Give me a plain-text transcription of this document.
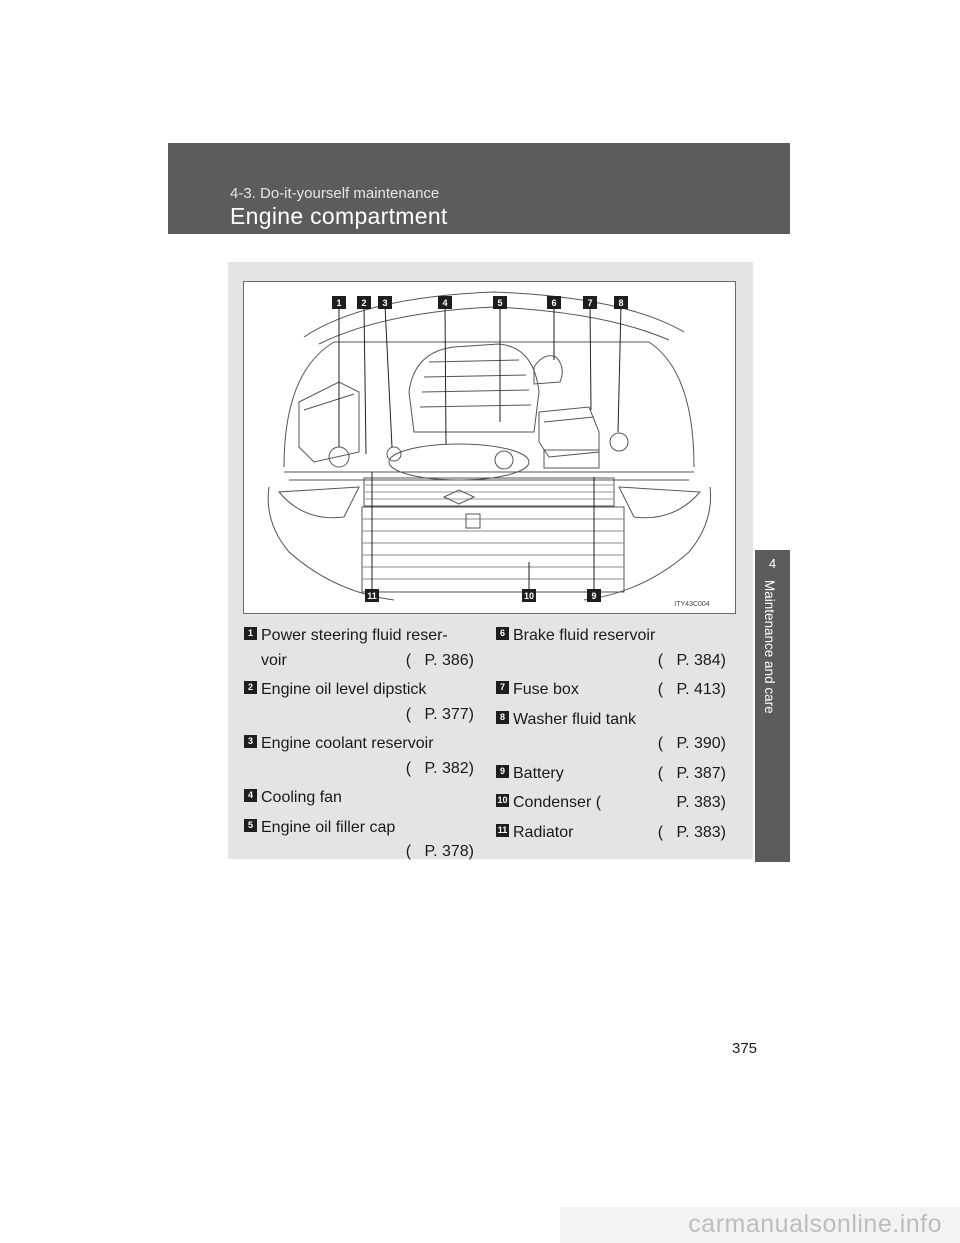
4-3. Do-it-yourself maintenance
Engine compartment
4
Maintenance and care
1 2 3	4	5	6	7	8
11	10	9
ITY43C004
1 Power steering fluid reser-
voir	( P. 386)
2 Engine oil level dipstick
( P. 377)
3 Engine coolant reservoir
( P. 382)
4 Cooling fan
5 Engine oil filler cap
( P. 378)
6 Brake fluid reservoir
( P. 384)
7 Fuse box	( P. 413)
8 Washer fluid tank
( P. 390)
9 Battery	( P. 387)
10 Condenser (	P. 383)
11 Radiator	( P. 383)
375
carmanualsonline.info
